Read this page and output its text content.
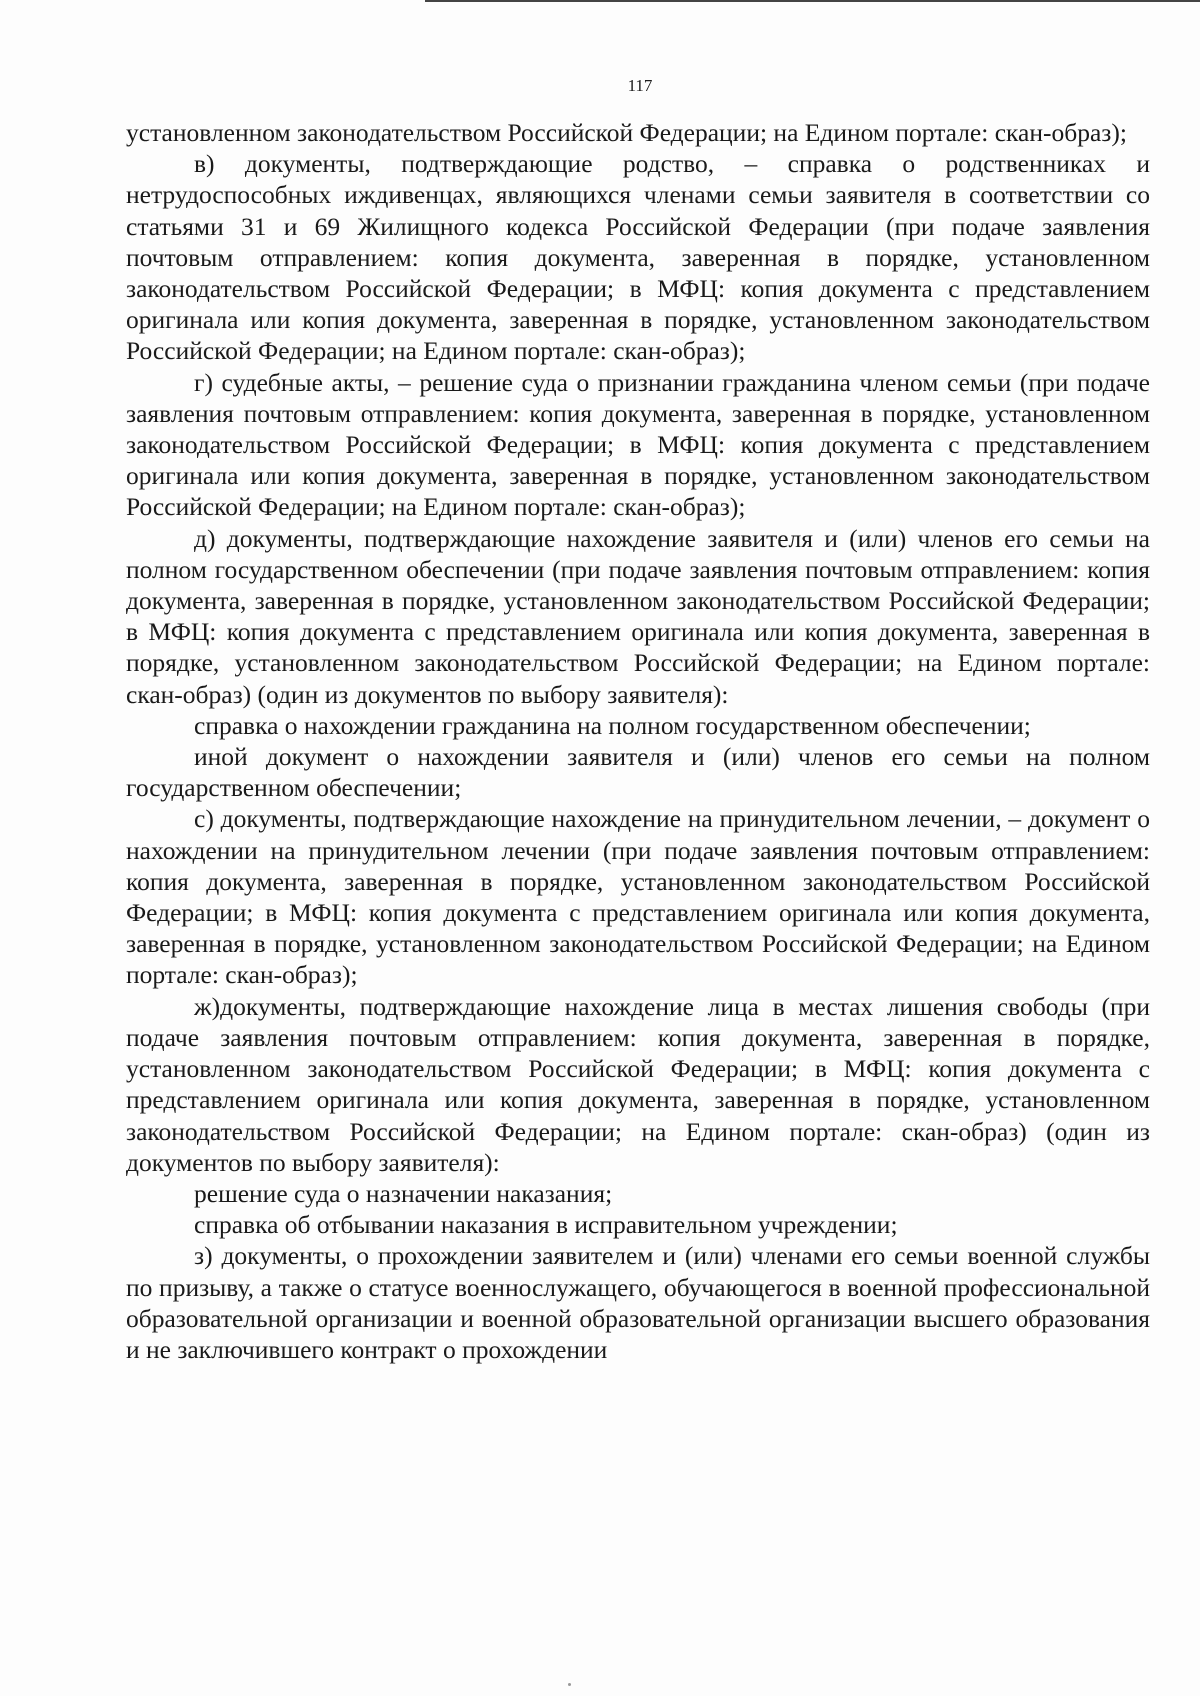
117

установленном законодательством Российской Федерации; на Едином портале: скан-образ);

в) документы, подтверждающие родство, – справка о родственниках и нетрудоспособных иждивенцах, являющихся членами семьи заявителя в соответствии со статьями 31 и 69 Жилищного кодекса Российской Федерации (при подаче заявления почтовым отправлением: копия документа, заверенная в порядке, установленном законодательством Российской Федерации; в МФЦ: копия документа с представлением оригинала или копия документа, заверенная в порядке, установленном законодательством Российской Федерации; на Едином портале: скан-образ);

г) судебные акты, – решение суда о признании гражданина членом семьи (при подаче заявления почтовым отправлением: копия документа, заверенная в порядке, установленном законодательством Российской Федерации; в МФЦ: копия документа с представлением оригинала или копия документа, заверенная в порядке, установленном законодательством Российской Федерации; на Едином портале: скан-образ);

д) документы, подтверждающие нахождение заявителя и (или) членов его семьи на полном государственном обеспечении (при подаче заявления почтовым отправлением: копия документа, заверенная в порядке, установленном законодательством Российской Федерации; в МФЦ: копия документа с представлением оригинала или копия документа, заверенная в порядке, установленном законодательством Российской Федерации; на Едином портале: скан-образ) (один из документов по выбору заявителя):

справка о нахождении гражданина на полном государственном обеспечении;

иной документ о нахождении заявителя и (или) членов его семьи на полном государственном обеспечении;

с) документы, подтверждающие нахождение на принудительном лечении, – документ о нахождении на принудительном лечении (при подаче заявления почтовым отправлением: копия документа, заверенная в порядке, установленном законодательством Российской Федерации; в МФЦ: копия документа с представлением оригинала или копия документа, заверенная в порядке, установленном законодательством Российской Федерации; на Едином портале: скан-образ);

ж)документы, подтверждающие нахождение лица в местах лишения свободы (при подаче заявления почтовым отправлением: копия документа, заверенная в порядке, установленном законодательством Российской Федерации; в МФЦ: копия документа с представлением оригинала или копия документа, заверенная в порядке, установленном законодательством Российской Федерации; на Едином портале: скан-образ) (один из документов по выбору заявителя):

решение суда о назначении наказания;

справка об отбывании наказания в исправительном учреждении;

з) документы, о прохождении заявителем и (или) членами его семьи военной службы по призыву, а также о статусе военнослужащего, обучающегося в военной профессиональной образовательной организации и военной образовательной организации высшего образования и не заключившего контракт о прохождении
